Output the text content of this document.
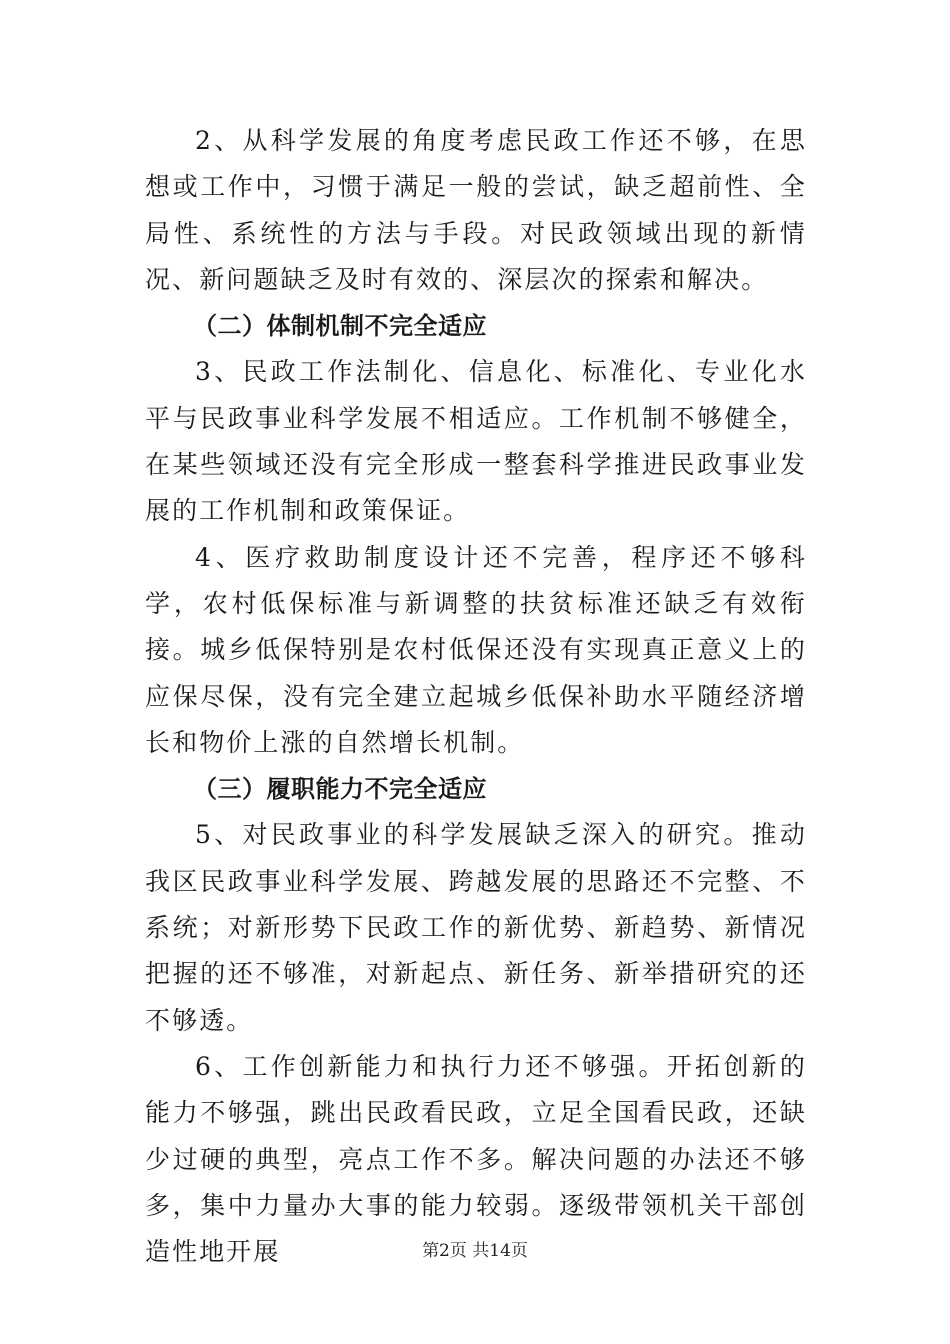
2、从科学发展的角度考虑民政工作还不够，在思想或工作中，习惯于满足一般的尝试，缺乏超前性、全局性、系统性的方法与手段。对民政领域出现的新情况、新问题缺乏及时有效的、深层次的探索和解决。

（二）体制机制不完全适应

3、民政工作法制化、信息化、标准化、专业化水平与民政事业科学发展不相适应。工作机制不够健全，在某些领域还没有完全形成一整套科学推进民政事业发展的工作机制和政策保证。

4、医疗救助制度设计还不完善，程序还不够科学，农村低保标准与新调整的扶贫标准还缺乏有效衔接。城乡低保特别是农村低保还没有实现真正意义上的应保尽保，没有完全建立起城乡低保补助水平随经济增长和物价上涨的自然增长机制。

（三）履职能力不完全适应

5、对民政事业的科学发展缺乏深入的研究。推动我区民政事业科学发展、跨越发展的思路还不完整、不系统；对新形势下民政工作的新优势、新趋势、新情况把握的还不够准，对新起点、新任务、新举措研究的还不够透。

6、工作创新能力和执行力还不够强。开拓创新的能力不够强，跳出民政看民政，立足全国看民政，还缺少过硬的典型，亮点工作不多。解决问题的办法还不够多，集中力量办大事的能力较弱。逐级带领机关干部创造性地开展	第2页 共14页
